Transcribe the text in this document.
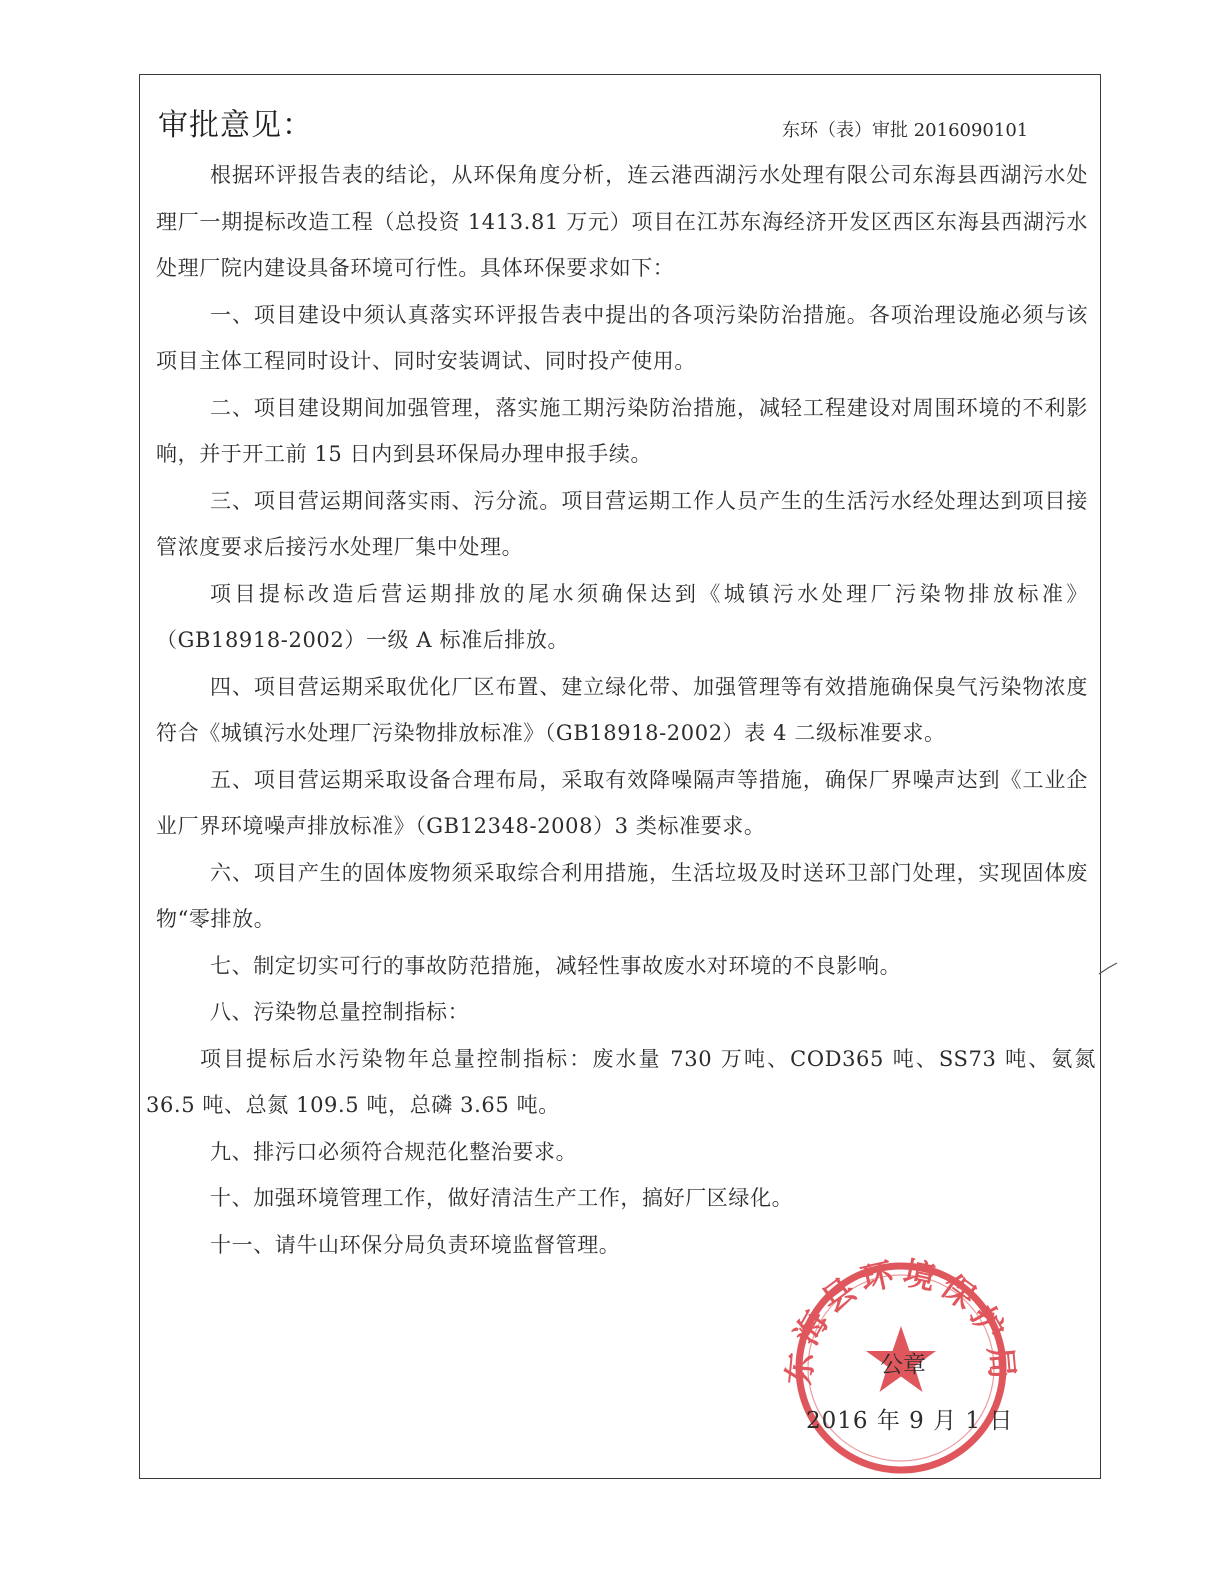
审批意见：	东环（表）审批 2016090101

根据环评报告表的结论，从环保角度分析，连云港西湖污水处理有限公司东海县西湖污水处理厂一期提标改造工程（总投资 1413.81 万元）项目在江苏东海经济开发区西区东海县西湖污水处理厂院内建设具备环境可行性。具体环保要求如下：

一、项目建设中须认真落实环评报告表中提出的各项污染防治措施。各项治理设施必须与该项目主体工程同时设计、同时安装调试、同时投产使用。

二、项目建设期间加强管理，落实施工期污染防治措施，减轻工程建设对周围环境的不利影响，并于开工前 15 日内到县环保局办理申报手续。

三、项目营运期间落实雨、污分流。项目营运期工作人员产生的生活污水经处理达到项目接管浓度要求后接污水处理厂集中处理。

项目提标改造后营运期排放的尾水须确保达到《城镇污水处理厂污染物排放标准》（GB18918-2002）一级 A 标准后排放。

四、项目营运期采取优化厂区布置、建立绿化带、加强管理等有效措施确保臭气污染物浓度符合《城镇污水处理厂污染物排放标准》（GB18918-2002）表 4 二级标准要求。

五、项目营运期采取设备合理布局，采取有效降噪隔声等措施，确保厂界噪声达到《工业企业厂界环境噪声排放标准》（GB12348-2008）3 类标准要求。

六、项目产生的固体废物须采取综合利用措施，生活垃圾及时送环卫部门处理，实现固体废物“零排放。

七、制定切实可行的事故防范措施，减轻性事故废水对环境的不良影响。

八、污染物总量控制指标：

项目提标后水污染物年总量控制指标：废水量 730 万吨、COD365 吨、SS73 吨、氨氮 36.5 吨、总氮 109.5 吨，总磷 3.65 吨。

九、排污口必须符合规范化整治要求。

十、加强环境管理工作，做好清洁生产工作，搞好厂区绿化。

十一、请牛山环保分局负责环境监督管理。

东海县环境保护局
公章
2016 年 9 月 1 日
